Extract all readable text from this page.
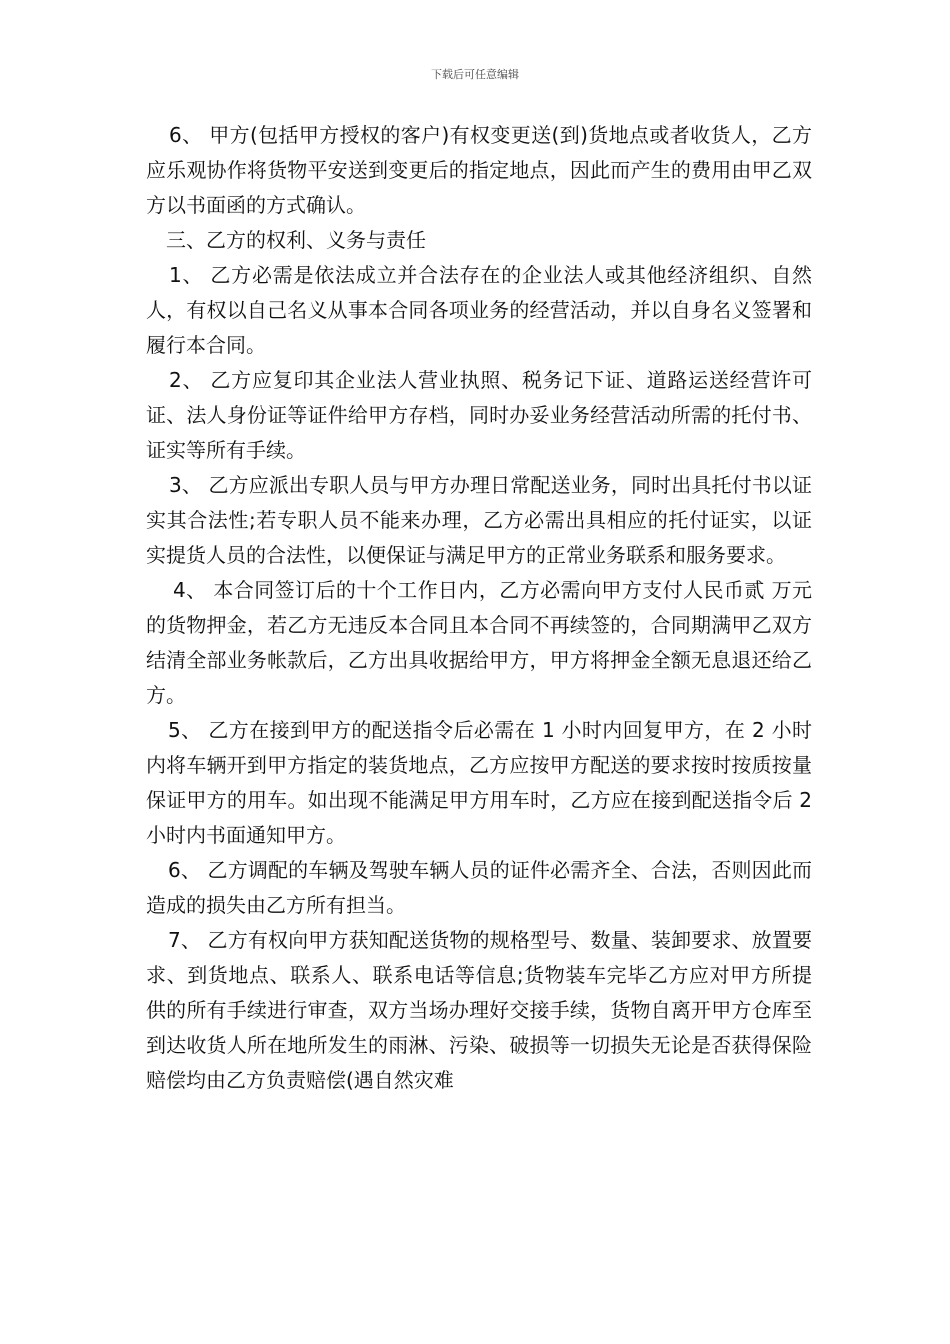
下载后可任意编辑

6、 甲方(包括甲方授权的客户)有权变更送(到)货地点或者收货人，乙方应乐观协作将货物平安送到变更后的指定地点，因此而产生的费用由甲乙双方以书面函的方式确认。

三、乙方的权利、义务与责任

1、 乙方必需是依法成立并合法存在的企业法人或其他经济组织、自然人，有权以自己名义从事本合同各项业务的经营活动，并以自身名义签署和履行本合同。

2、 乙方应复印其企业法人营业执照、税务记下证、道路运送经营许可证、法人身份证等证件给甲方存档，同时办妥业务经营活动所需的托付书、证实等所有手续。

3、 乙方应派出专职人员与甲方办理日常配送业务，同时出具托付书以证实其合法性;若专职人员不能来办理，乙方必需出具相应的托付证实，以证实提货人员的合法性，以便保证与满足甲方的正常业务联系和服务要求。

4、 本合同签订后的十个工作日内，乙方必需向甲方支付人民币贰 万元的货物押金，若乙方无违反本合同且本合同不再续签的，合同期满甲乙双方结清全部业务帐款后，乙方出具收据给甲方，甲方将押金全额无息退还给乙方。

5、 乙方在接到甲方的配送指令后必需在 1 小时内回复甲方，在 2 小时内将车辆开到甲方指定的装货地点，乙方应按甲方配送的要求按时按质按量保证甲方的用车。如出现不能满足甲方用车时，乙方应在接到配送指令后 2 小时内书面通知甲方。

6、 乙方调配的车辆及驾驶车辆人员的证件必需齐全、合法，否则因此而造成的损失由乙方所有担当。

7、 乙方有权向甲方获知配送货物的规格型号、数量、装卸要求、放置要求、到货地点、联系人、联系电话等信息;货物装车完毕乙方应对甲方所提供的所有手续进行审查，双方当场办理好交接手续，货物自离开甲方仓库至到达收货人所在地所发生的雨淋、污染、破损等一切损失无论是否获得保险赔偿均由乙方负责赔偿(遇自然灾难
